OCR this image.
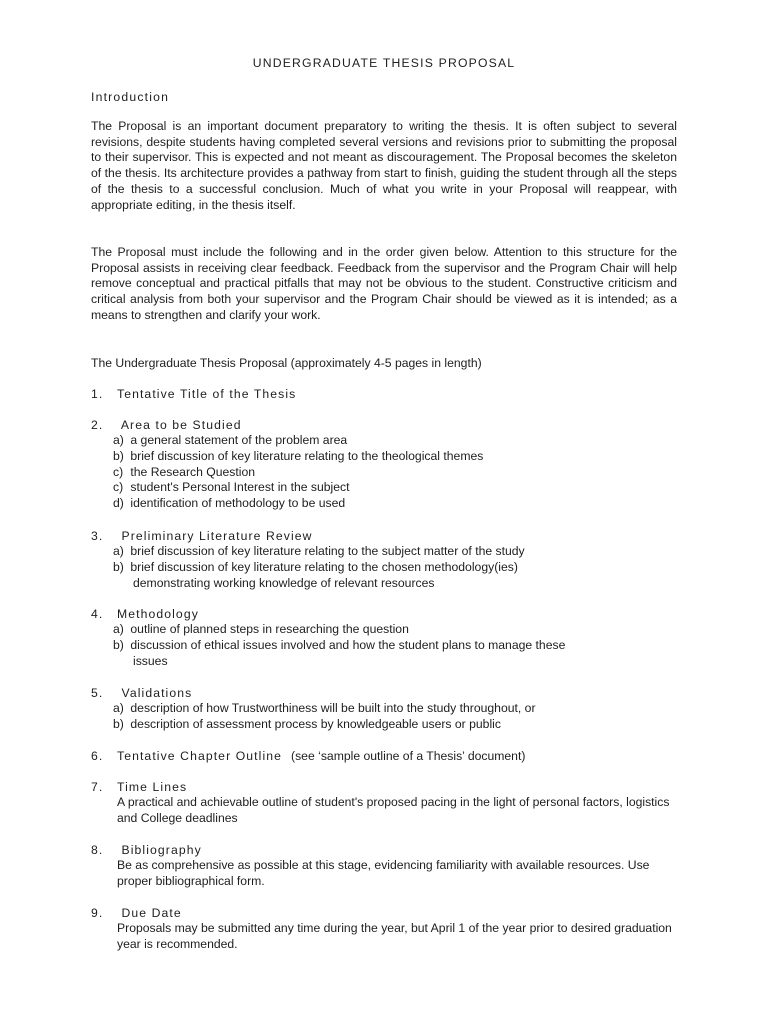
UNDERGRADUATE THESIS PROPOSAL
Introduction
The Proposal is an important document preparatory to writing the thesis. It is often subject to several revisions, despite students having completed several versions and revisions prior to submitting the proposal to their supervisor. This is expected and not meant as discouragement. The Proposal becomes the skeleton of the thesis. Its architecture provides a pathway from start to finish, guiding the student through all the steps of the thesis to a successful conclusion. Much of what you write in your Proposal will reappear, with appropriate editing, in the thesis itself.
The Proposal must include the following and in the order given below. Attention to this structure for the Proposal assists in receiving clear feedback. Feedback from the supervisor and the Program Chair will help remove conceptual and practical pitfalls that may not be obvious to the student. Constructive criticism and critical analysis from both your supervisor and the Program Chair should be viewed as it is intended; as a means to strengthen and clarify your work.
The Undergraduate Thesis Proposal (approximately 4-5 pages in length)
1. Tentative Title of the Thesis
2. Area to be Studied
a) a general statement of the problem area
b) brief discussion of key literature relating to the theological themes
c) the Research Question
c) student's Personal Interest in the subject
d) identification of methodology to be used
3. Preliminary Literature Review
a) brief discussion of key literature relating to the subject matter of the study
b) brief discussion of key literature relating to the chosen methodology(ies)
demonstrating working knowledge of relevant resources
4. Methodology
a) outline of planned steps in researching the question
b) discussion of ethical issues involved and how the student plans to manage these
issues
5. Validations
a) description of how Trustworthiness will be built into the study throughout, or
b) description of assessment process by knowledgeable users or public
6. Tentative Chapter Outline (see ‘sample outline of a Thesis’ document)
7. Time Lines
A practical and achievable outline of student's proposed pacing in the light of personal factors, logistics and College deadlines
8. Bibliography
Be as comprehensive as possible at this stage, evidencing familiarity with available resources. Use proper bibliographical form.
9. Due Date
Proposals may be submitted any time during the year, but April 1 of the year prior to desired graduation year is recommended.
